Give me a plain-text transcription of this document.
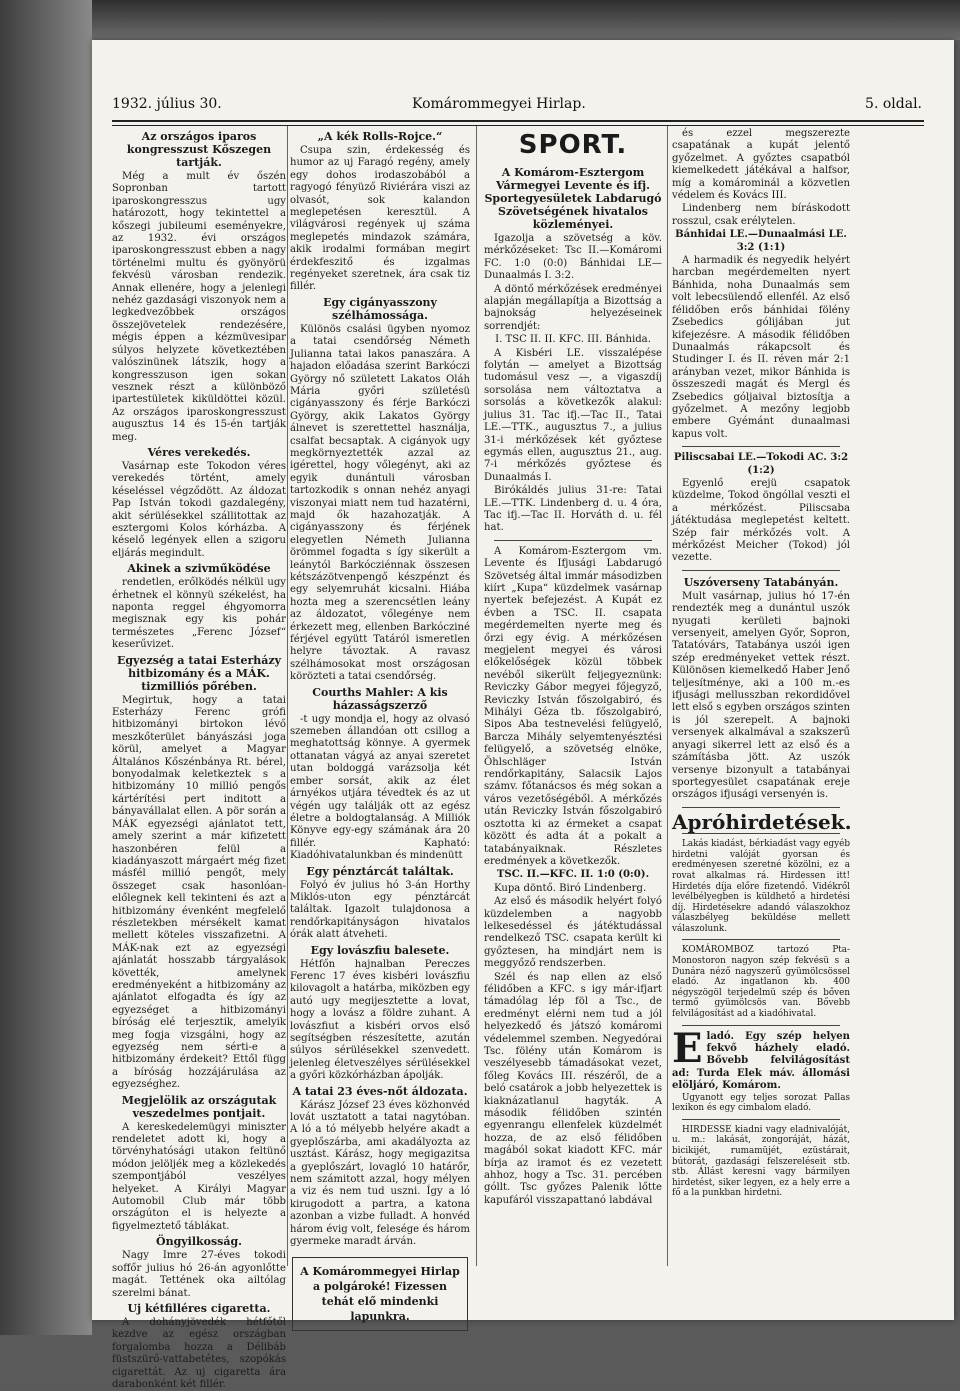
1932. július 30.	Komárommegyei Hirlap.	5. oldal.
Az országos iparos kongresszust Kőszegen tartják.

Még a mult év őszén Sopronban tartott iparoskongresszus ugy határozott, hogy tekintettel a kőszegi jubileumi eseményekre, az 1932. évi országos iparoskongresszust ebben a nagy történelmi multu és gyönyörü fekvésü városban rendezik. Annak ellenére, hogy a jelenlegi nehéz gazdasági viszonyok nem a legkedvezőbbek országos összejövetelek rendezésére, mégis éppen a kézmüvesipar súlyos helyzete következtében valószinünek látszik, hogy a kongresszuson igen sokan vesznek részt a különböző ipartestületek kiküldöttei közül. Az országos iparoskongresszust augusztus 14 és 15-én tartják meg.

Véres verekedés.

Vasárnap este Tokodon véres verekedés történt, amely késeléssel végződött. Az áldozat Pap István tokodi gazdalegény, akit sérülésekkel szállitottak az esztergomi Kolos kórházba. A késelő legények ellen a szigoru eljárás megindult.

Akinek a szivműködése

rendetlen, erőlködés nélkül ugy érhetnek el könnyü székelést, ha naponta reggel éhgyomorra megisznak egy kis pohár természetes „Ferenc József“ keserűvizet.

Egyezség a tatai Esterházy hitbizomány és a MÁK. tizmilliós pőrében.

Megirtuk, hogy a tatai Esterházy Ferenc grófi hitbizományi birtokon lévő meszkőterület bányászási joga körül, amelyet a Magyar Általános Kőszénbánya Rt. bérel, bonyodalmak keletkeztek s a hitbizomány 10 millió pengős kártérítési pert inditott a bányavállalat ellen. A pör során a MÁK egyezségi ajánlatot tett, amely szerint a már kifizetett haszonbéren felül a kiadányaszott márgaért még fizet másfél millió pengőt, mely összeget csak hasonlóan-előlegnek kell tekinteni és azt a hitbizomány évenként megfelelő részletekben mérsékelt kamat mellett köteles visszafizetni. A MÁK-nak ezt az egyezségi ajánlatát hosszabb tárgyalások követték, amelynek eredményeként a hitbizomány az ajánlatot elfogadta és így az egyezséget a hitbizományi bíróság elé terjesztik, amelyik meg fogja vizsgálni, hogy az egyezség nem sérti-e a hitbizomány érdekeit? Ettől függ a bíróság hozzájárulása az egyezséghez.

Megjelölik az országutak veszedelmes pontjait.

A kereskedelemügyi miniszter rendeletet adott ki, hogy a törvényhatósági utakon feltünő módon jelöljék meg a közlekedés szempontjából veszélyes helyeket. A Királyi Magyar Automobil Club már több országúton el is helyezte a figyelmeztető táblákat.

Öngyilkosság.

Nagy Imre 27-éves tokodi soffőr julius hó 26-án agyonlőtte magát. Tettének oka ailtólag szerelmi bánat.

Uj kétfilléres cigaretta.

A dohányjövedék hétfőtől kezdve az egész országban forgalomba hozza a Délibáb füstszürő-vattabetétes, szopókás cigarettát. Az uj cigaretta ára darabonként két fillér.

„A kék Rolls-Rojce.“

Csupa szin, érdekesség és humor az uj Faragó regény, amely egy dohos irodaszobából a ragyogó fényüző Riviérára viszi az olvasót, sok kalandon meglepetésen keresztül. A világvárosi regények uj száma meglepetés mindazok számára, akik irodalmi formában megirt érdekfeszitő és izgalmas regényeket szeretnek, ára csak tiz fillér.

Egy cigányasszony szélhámossága.

Különös csalási ügyben nyomoz a tatai csendőrség Németh Julianna tatai lakos panaszára. A hajadon előadása szerint Barkóczi György nő született Lakatos Oláh Mária győri születésü cigányasszony és férje Barkóczi György, akik Lakatos György álnevet is szerettettel használja, csalfat becsaptak. A cigányok ugy megkörnyeztették azzal az igérettel, hogy vőlegényt, aki az egyik dunántuli városban tartozkodik s onnan nehéz anyagi viszonyai miatt nem tud hazatérni, majd ők hazahozatják. A cigányasszony és férjének elegyetlen Németh Julianna örömmel fogadta s így sikerült a leánytól Barkócziénnak összesen kétszázötvenpengő készpénzt és egy selyemruhát kicsalni. Hiába hozta meg a szerencsétlen leány az áldozatot, vőlegénye nem érkezett meg, ellenben Barkócziné férjével együtt Tatáról ismeretlen helyre távoztak. A ravasz szélhámosokat most országosan körözteti a tatai csendőrség.

Courths Mahler: A kis házasságszerző

-t ugy mondja el, hogy az olvasó szemeben állandóan ott csillog a meghatottság könnye. A gyermek ottanatan vágyá az anyai szeretet utan boldoggá varázsolja két ember sorsát, akik az élet árnyékos utjára tévedtek és az ut végén ugy találják ott az egész életre a boldogtalanság. A Milliók Könyve egy-egy számának ára 20 fillér. Kapható: Kiadóhivatalunkban és mindenütt

Egy pénztárcát találtak.

Folyó év julius hó 3-án Horthy Miklós-uton egy pénztárcát találtak. Igazolt tulajdonosa a rendőrkapitányságon hivatalos órák alatt átveheti.

Egy lovászfiu balesete.

Hétfőn hajnalban Pereczes Ferenc 17 éves kisbéri lovászfiu kilovagolt a határba, miközben egy autó ugy megijesztette a lovat, hogy a lovász a földre zuhant. A lovászfiut a kisbéri orvos első segítségben részesítette, azután súlyos sérülésekkel szenvedett. jelenleg életveszélyes sérülésekkel a győri közkórházban ápolják.

A tatai 23 éves-nőt áldozata.

Kárász József 23 éves közhonvéd lovát usztatott a tatai nagytóban. A ló a tó mélyebb helyére akadt a gyeplőszárba, ami akadályozta az usztást. Kárász, hogy megigazitsa a gyeplőszárt, lovagló 10 határőr, nem számitott azzal, hogy mélyen a viz és nem tud uszni. Így a ló kirugodott a partra, a katona azonban a vizbe fulladt. A honvéd három évig volt, felesége és három gyermeke maradt árván.

A Komárommegyei Hirlap a polgároké! Fizessen tehát elő mindenki lapunkra.
SPORT.
A Komárom-Esztergom Vármegyei Levente és ifj. Sportegyesületek Labdarugó Szövetségének hivatalos közleményei.

Igazolja a szövetség a köv. mérkőzéseket: Tsc II.—Komáromi FC. 1:0 (0:0) Bánhidai LE—Dunaalmás I. 3:2.

A döntő mérkőzések eredményei alapján megállapítja a Bizottság a bajnokság helyezéseinek sorrendjét:

I. TSC II. II. KFC. III. Bánhida.

A Kisbéri LE. visszalépése folytán — amelyet a Bizottság tudomásul vesz —, a vigaszdíj sorsolása nem változtatva a sorsolás a következők alakul: julius 31. Tac ifj.—Tac II., Tatai LE.—TTK., augusztus 7., a julius 31-i mérkőzések két győztese egymás ellen, augusztus 21., aug. 7-i mérkőzés győztese és Dunaalmás I.

Birókáldés julius 31-re: Tatai LE.—TTK. Lindenberg d. u. 4 óra, Tac ifj.—Tac II. Horváth d. u. fél hat.

A Komárom-Esztergom vm. Levente és Ifjusági Labdarugó Szövetség által immár másodizben kiírt „Kupa“ küzdelmek vasárnap nyertek befejezést. A Kupát ez évben a TSC. II. csapata megérdemelten nyerte meg és őrzi egy évig. A mérkőzésen megjelent megyei és városi előkelőségek közül többek nevéből sikerült feljegyeznünk: Reviczky Gábor megyei főjegyző, Reviczky István főszolgabiró, és Mihályi Géza tb. főszolgabiró, Sipos Aba testnevelési felügyelő, Barcza Mihály selyemtenyésztési felügyelő, a szövetség elnöke, Öhlschläger István rendőrkapitány, Salacsik Lajos számv. főtanácsos és még sokan a város vezetőségéből. A mérkőzés után Reviczky István főszolgabiró osztotta ki az érmeket a csapat között és adta át a pokalt a tatabányaiknak. Részletes eredmények a következők.

TSC. II.—KFC. II. 1:0 (0:0).

Kupa döntő. Biró Lindenberg.

Az első és második helyért folyó küzdelemben a nagyobb lelkesedéssel és játéktudással rendelkező TSC. csapata került ki győztesen, ha mindjárt nem is meggyőző rendszerben.

Szél és nap ellen az első félidőben a KFC. s igy már-ifjart támadólag lép föl a Tsc., de eredményt elérni nem tud a jól helyezkedő és játszó komáromi védelemmel szemben. Negyedórai Tsc. fölény után Komárom is veszélyesebb támadásokat vezet, főleg Kovács III. részéről, de a beló csatárok a jobb helyezettek is kiaknázatlanul hagyták. A második félidőben szintén egyenrangu ellenfelek küzdelmét hozza, de az első félidőben magából sokat kiadott KFC. már bírja az iramot és ez vezetett ahhoz, hogy a Tsc. 31. percében góllt. Tsc győzes Palenik lőtte kapufáról visszapattanó labdával

és ezzel megszerezte csapatának a kupát jelentő győzelmet. A győztes csapatból kiemelkedett játékával a halfsor, míg a komárominál a közvetlen védelem és Kovács III.

Lindenberg nem bíráskodott rosszul, csak erélytelen.

Bánhidai LE.—Dunaalmási LE. 3:2 (1:1)

A harmadik és negyedik helyért harcban megérdemelten nyert Bánhida, noha Dunaalmás sem volt lebecsülendő ellenfél. Az első félidőben erős bánhidai fölény Zsebedics gólijában jut kifejezésre. A második félidőben Dunaalmás rákapcsolt és Studinger I. és II. réven már 2:1 arányban vezet, mikor Bánhida is összeszedi magát és Mergl és Zsebedics góljaival biztosítja a győzelmet. A mezőny legjobb embere Gyémánt dunaalmasi kapus volt.

Piliscsabai LE.—Tokodi AC. 3:2 (1:2)

Egyenlő erejü csapatok küzdelme, Tokod öngóllal veszti el a mérkőzést. Piliscsaba játéktudása meglepetést keltett. Szép fair mérkőzés volt. A mérkőzést Meicher (Tokod) jól vezette.

Uszóverseny Tatabányán.

Mult vasárnap, julius hó 17-én rendezték meg a dunántul uszók nyugati kerületi bajnoki versenyeit, amelyen Győr, Sopron, Tatatóvárs, Tatabánya uszói igen szép eredményeket vettek részt. Különösen kiemelkedő Haber Jenő teljesítménye, aki a 100 m.-es ifjusági mellusszban rekordidővel lett első s egyben országos szinten is jól szerepelt. A bajnoki versenyek alkalmával a szakszerű anyagi sikerrel lett az első és a számításba jött. Az uszók versenye bizonyult a tatabányai sportegyesület csapatának ereje országos ifjusági versenyén is.

Apróhirdetések.

Lakás kiadást, bérkiadást vagy egyéb hirdetni valóját gyorsan és eredményesen szeretné közölni, ez a rovat alkalmas rá. Hirdessen itt! Hirdetés díja előre fizetendő. Vidékről levélbélyegben is küldhető a hirdetési díj. Hirdetésekre adandó válaszokhoz válaszbélyeg beküldése mellett válaszolunk.

KOMÁROMBOZ tartozó Pta-Monostoron nagyon szép fekvésü s a Dunára néző nagyszerű gyümölcsössel eladó. Az ingatlanon kb. 400 négyszögöl terjedelmü szép és bőven termő gyümölcsös van. Bővebb felvilágosítást ad a kiadóhivatal.

E ladó. Egy szép helyen fekvő házhely eladó. Bővebb felvilágosítást ad: Turda Elek máv. állomási elöljáró, Komárom.

Ugyanott egy teljes sorozat Pallas lexikon és egy cimbalom eladó.

HIRDESSE kiadni vagy eladnivalóját, u. m.: lakását, zongoráját, házát, bicikijét, rumamüjét, ezüstárait, bútorát, gazdasági felszereléseit stb. stb. Állást keresni vagy bármilyen hirdetést, siker legyen, ez a hely erre a fő a la punkban hirdetni.
